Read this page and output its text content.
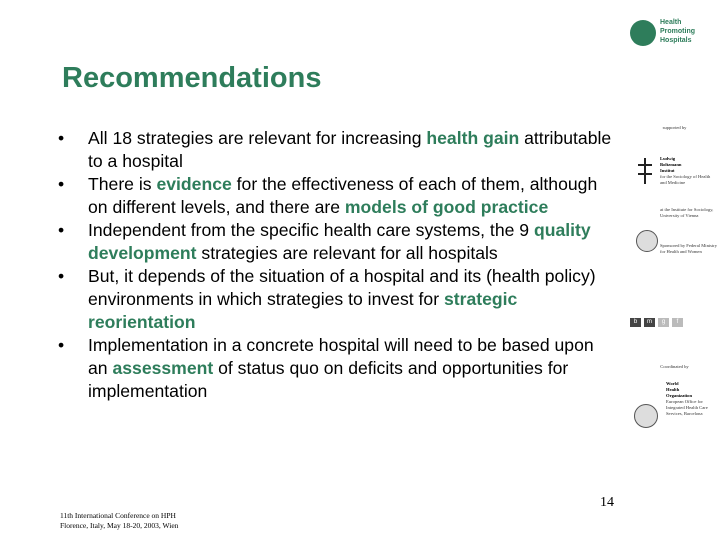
Health
Promoting
Hospitals
Recommendations
• All 18 strategies are relevant for increasing health gain attributable to a hospital
• There is evidence for the effectiveness of each of them, although on different levels, and there are models of good practice
• Independent from the specific health care systems, the 9 quality development strategies are relevant for all hospitals
• But, it depends of the situation of a hospital and its (health policy) environments in which strategies to invest for strategic reorientation
• Implementation in a concrete hospital will need to be based upon an assessment of status quo on deficits and opportunities for implementation
supported by
Ludwig
Boltzmann
Institut
for the Sociology of Health and Medicine
at the Institute for Sociology, University of Vienna
Sponsored by Federal Ministry for Health and Women
b	m	g	f
Coordinated by
World
Health
Organization
European Office for Integrated Health Care Services, Barcelona
14
11th International Conference on HPH
Florence, Italy, May 18-20, 2003, Wien
